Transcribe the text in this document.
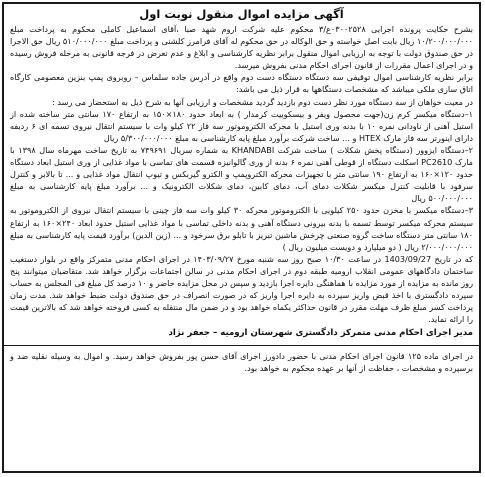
آگهی مزایده اموال منقول نوبت اول

بشرح حکایت پرونده اجرایی ۰۳۰۰۲۵۲۸ع/۳ محکوم علیه شرکت اروم شهد صبا ،آقای اسماعیل کاملی محکوم به پرداخت مبلغ ۱۰/۲۰۰/۰۰۰/۰۰۰ ریال بابت اصل خواسته و حق الوکاله در حق محکوم له آقای فرامرز کلشنی و پرداخت مبلغ ۵۱۰/۰۰۰/۰۰۰ ریال حق الاجرا در حق صندوق دولت با توجه به ارزیابی اموال منقول برابر نظریه کارشناسی و ابلاغ و عدم تعرض در فرجه قانونی به مرحله فروش رسیده و در اجرای اعمال مقررات از قانون اجرای احکام مدنی بفروش میرسد.

برابر نظریه کارشناسی اموال توقیفی سه دستگاه دستگاه دست دوم واقع در آدرس جاده سلماس – روبروی پمپ بنزین معصومی کارگاه اتاق سازی ملکی میباشد که مشخصات دستگاهها به قرار ذیل می باشد:

در معیت خواهان از سه دستگاه مورد نظر دست دوم بازدید گردید مشخصات و ارزیابی آنها به شرح ذیل به استحضار می رسد :

۱–دستگاه میکسر کرم زن(جهت محصول ویفر و بیسکوییت کرمدار ) به ابعاد حدود ۱۸۰×۱۵۰ به ارتفاع ۱۷۰ سانتی متر ساخته شده از استیل آهنی از ناودانی نمره ۱۰ با بدنه وری استیل با محرکه الکتروموتور سه فاز ۲۲ کیلو وات با سیستم انتقال نیروی تسمه ای ۶ ردیفه دارای اینورتر سه فاز مارک HTEX و ... ساخت شرکت برآورد مبلغ پایه کارشناسی به مبلغ ۵/۳۰۰/۰۰۰/۰۰۰ ریال

۲–دستگاه ایزوور (دستگاه پخش شکلات ) ساخت شرکت KHANDABI به شماره سریال ۷۴۹۶۹۱ به تاریخ ساخت مهرماه سال ۱۳۹۸ با مارک PC2610 اسکلت دستگاه از قوطی آهنی نمره ۶ بدنه از وری گالوانیزه قسمت های تماسی با مواد غذایی از وری استیل ابعاد دستگاه حدود ۱۲۰×۱۶۰ به ارتفاع ۱۹۰ سانتی متر با تجهیزات محرکه الکتروپمپ و الکترو گیربکس و تیوپ انتقال مواد غذایی و ... تا بالابر و کنترل سرفود با قابلیت کنترل میکسر شکلات دمای آب، دمای کابین، دمای شکلات الکترونیک و ... برآورد مبلغ پایه کارشناسی به مبلغ ۵۰۰/۰۰۰/۰۰۰ ریال

۳–دستگاه میکسر با مخزن حدود ۲۵۰ کیلویی با الکتروموتور محرکه ۳۰ کیلو وات سه فاز چینی با سیستم انتقال نیروی از الکتروموتور به سیستم محرکه میکسر توسط تسمه با بدنه بیرونی دستگاه آهنی و بدنه داخلی تماسی با مواد غذایی استیل حدود ابعاد ۲۴۰×۱۶۰ به ارتفاع ۱۸۰ سانتی متر دستگاه ساخت گروه صنعتی چرخش ماشین تبریز با تابلو برق سرخود و ... (زین الدین) برآورد قیمت پایه کارشناسی به مبلغ ۲/۰۰۰/۰۰۰/۰۰۰ ریال ( دو میلیارد و دویست میلیون ریال )

که در تاریخ 1403/09/27 در ساعت ۱۰/۳۰ صبح روز سه شنبه مورخ ۱۴۰۳/۰۹/۲۷ در اجرای احکام مدنی متمرکز واقع در بلوار دستغیب ساختمان دادگاههای عمومی انقلاب ارومیه طبقه دوم در اجرای احکام مدنی در سالن اجتماعات برگزار خواهد شد. متقاضیان میتوانند پنج روز مانده به مزایده از مورد مزایده با هماهنگی دایره اجرا بازدید و سپس در محل مزایده حاضر و ۱۰ درصد کل مبلغ فی المجلس به حساب سپرده دادگستری با اخذ قبض واریز سپرده به دایره اجرا واریز که در صورت انصراف در حق صندوق دولت ضبط خواهد شد. مدت زمان پرداخت کسر مبلغ ظرف مهلت مقرر در قانون حداکثر یکماه خواهد بود و در ضمن مال منتقله به کسی فروخته خواهد شد که بالاترین قیمت را ارائه نماید.

مدیر اجرای احکام مدنی متمرکز دادگستری شهرستان ارومیه – جعفر نژاد

در اجرای ماده ۱۲۵ قانون اجرای احکام مدنی با حضور دادورز اجرای آقای حسن پور بفروش خواهد رسید. و اموال به وسیله نقلیه ضد و برسپرده و مشخصات ، حفاظت از آنها بر عهده محکوم به خواهد بود.
